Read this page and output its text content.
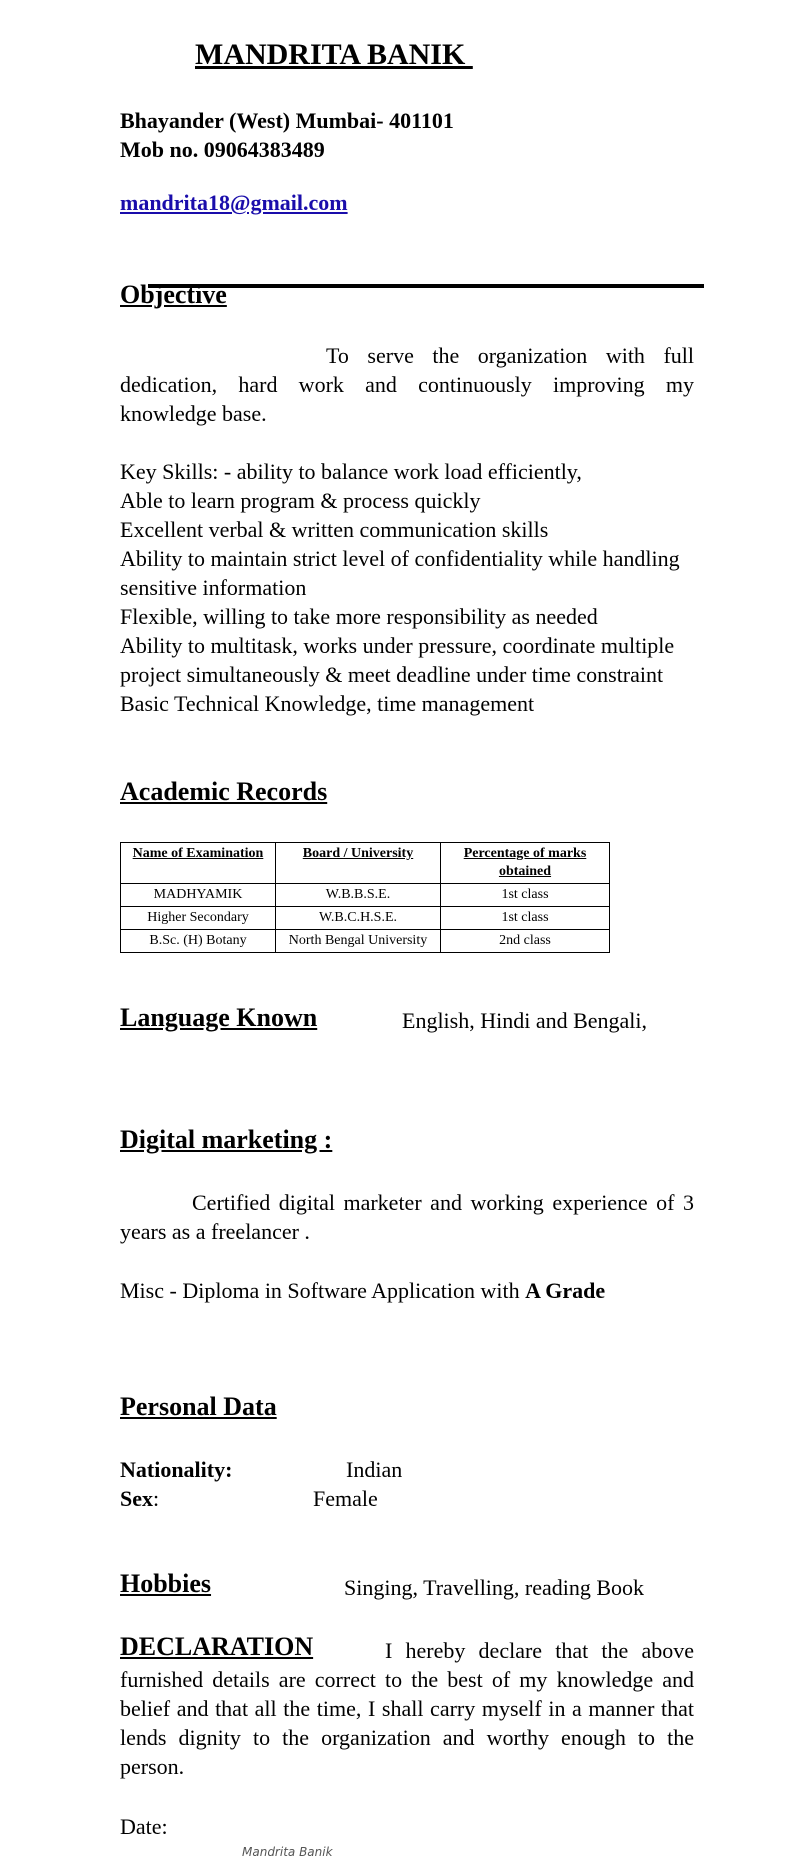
MANDRITA BANIK
Bhayander (West) Mumbai- 401101
Mob no. 09064383489
mandrita18@gmail.com
Objective
To serve the organization with full dedication, hard work and continuously improving my knowledge base.
Key Skills: - ability to balance work load efficiently,
Able to learn program & process quickly
Excellent verbal & written communication skills
Ability to maintain strict level of confidentiality while handling sensitive information
Flexible, willing to take more responsibility as needed
Ability to multitask, works under pressure, coordinate multiple project simultaneously & meet deadline under time constraint
Basic Technical Knowledge, time management
Academic Records
Name of Examination	Board / University	Percentage of marks obtained
MADHYAMIK	W.B.B.S.E.	1st class
Higher Secondary	W.B.C.H.S.E.	1st class
B.Sc. (H) Botany	North Bengal University	2nd class
Language Known	English, Hindi and Bengali,
Digital marketing :
Certified digital marketer and working experience of 3 years as a freelancer .
Misc - Diploma in Software Application with A Grade
Personal Data
Nationality:	Indian
Sex:	Female
Hobbies	Singing, Travelling, reading Book
DECLARATION	I hereby declare that the above furnished details are correct to the best of my knowledge and belief and that all the time, I shall carry myself in a manner that lends dignity to the organization and worthy enough to the person.
Date:
Mandrita Banik
